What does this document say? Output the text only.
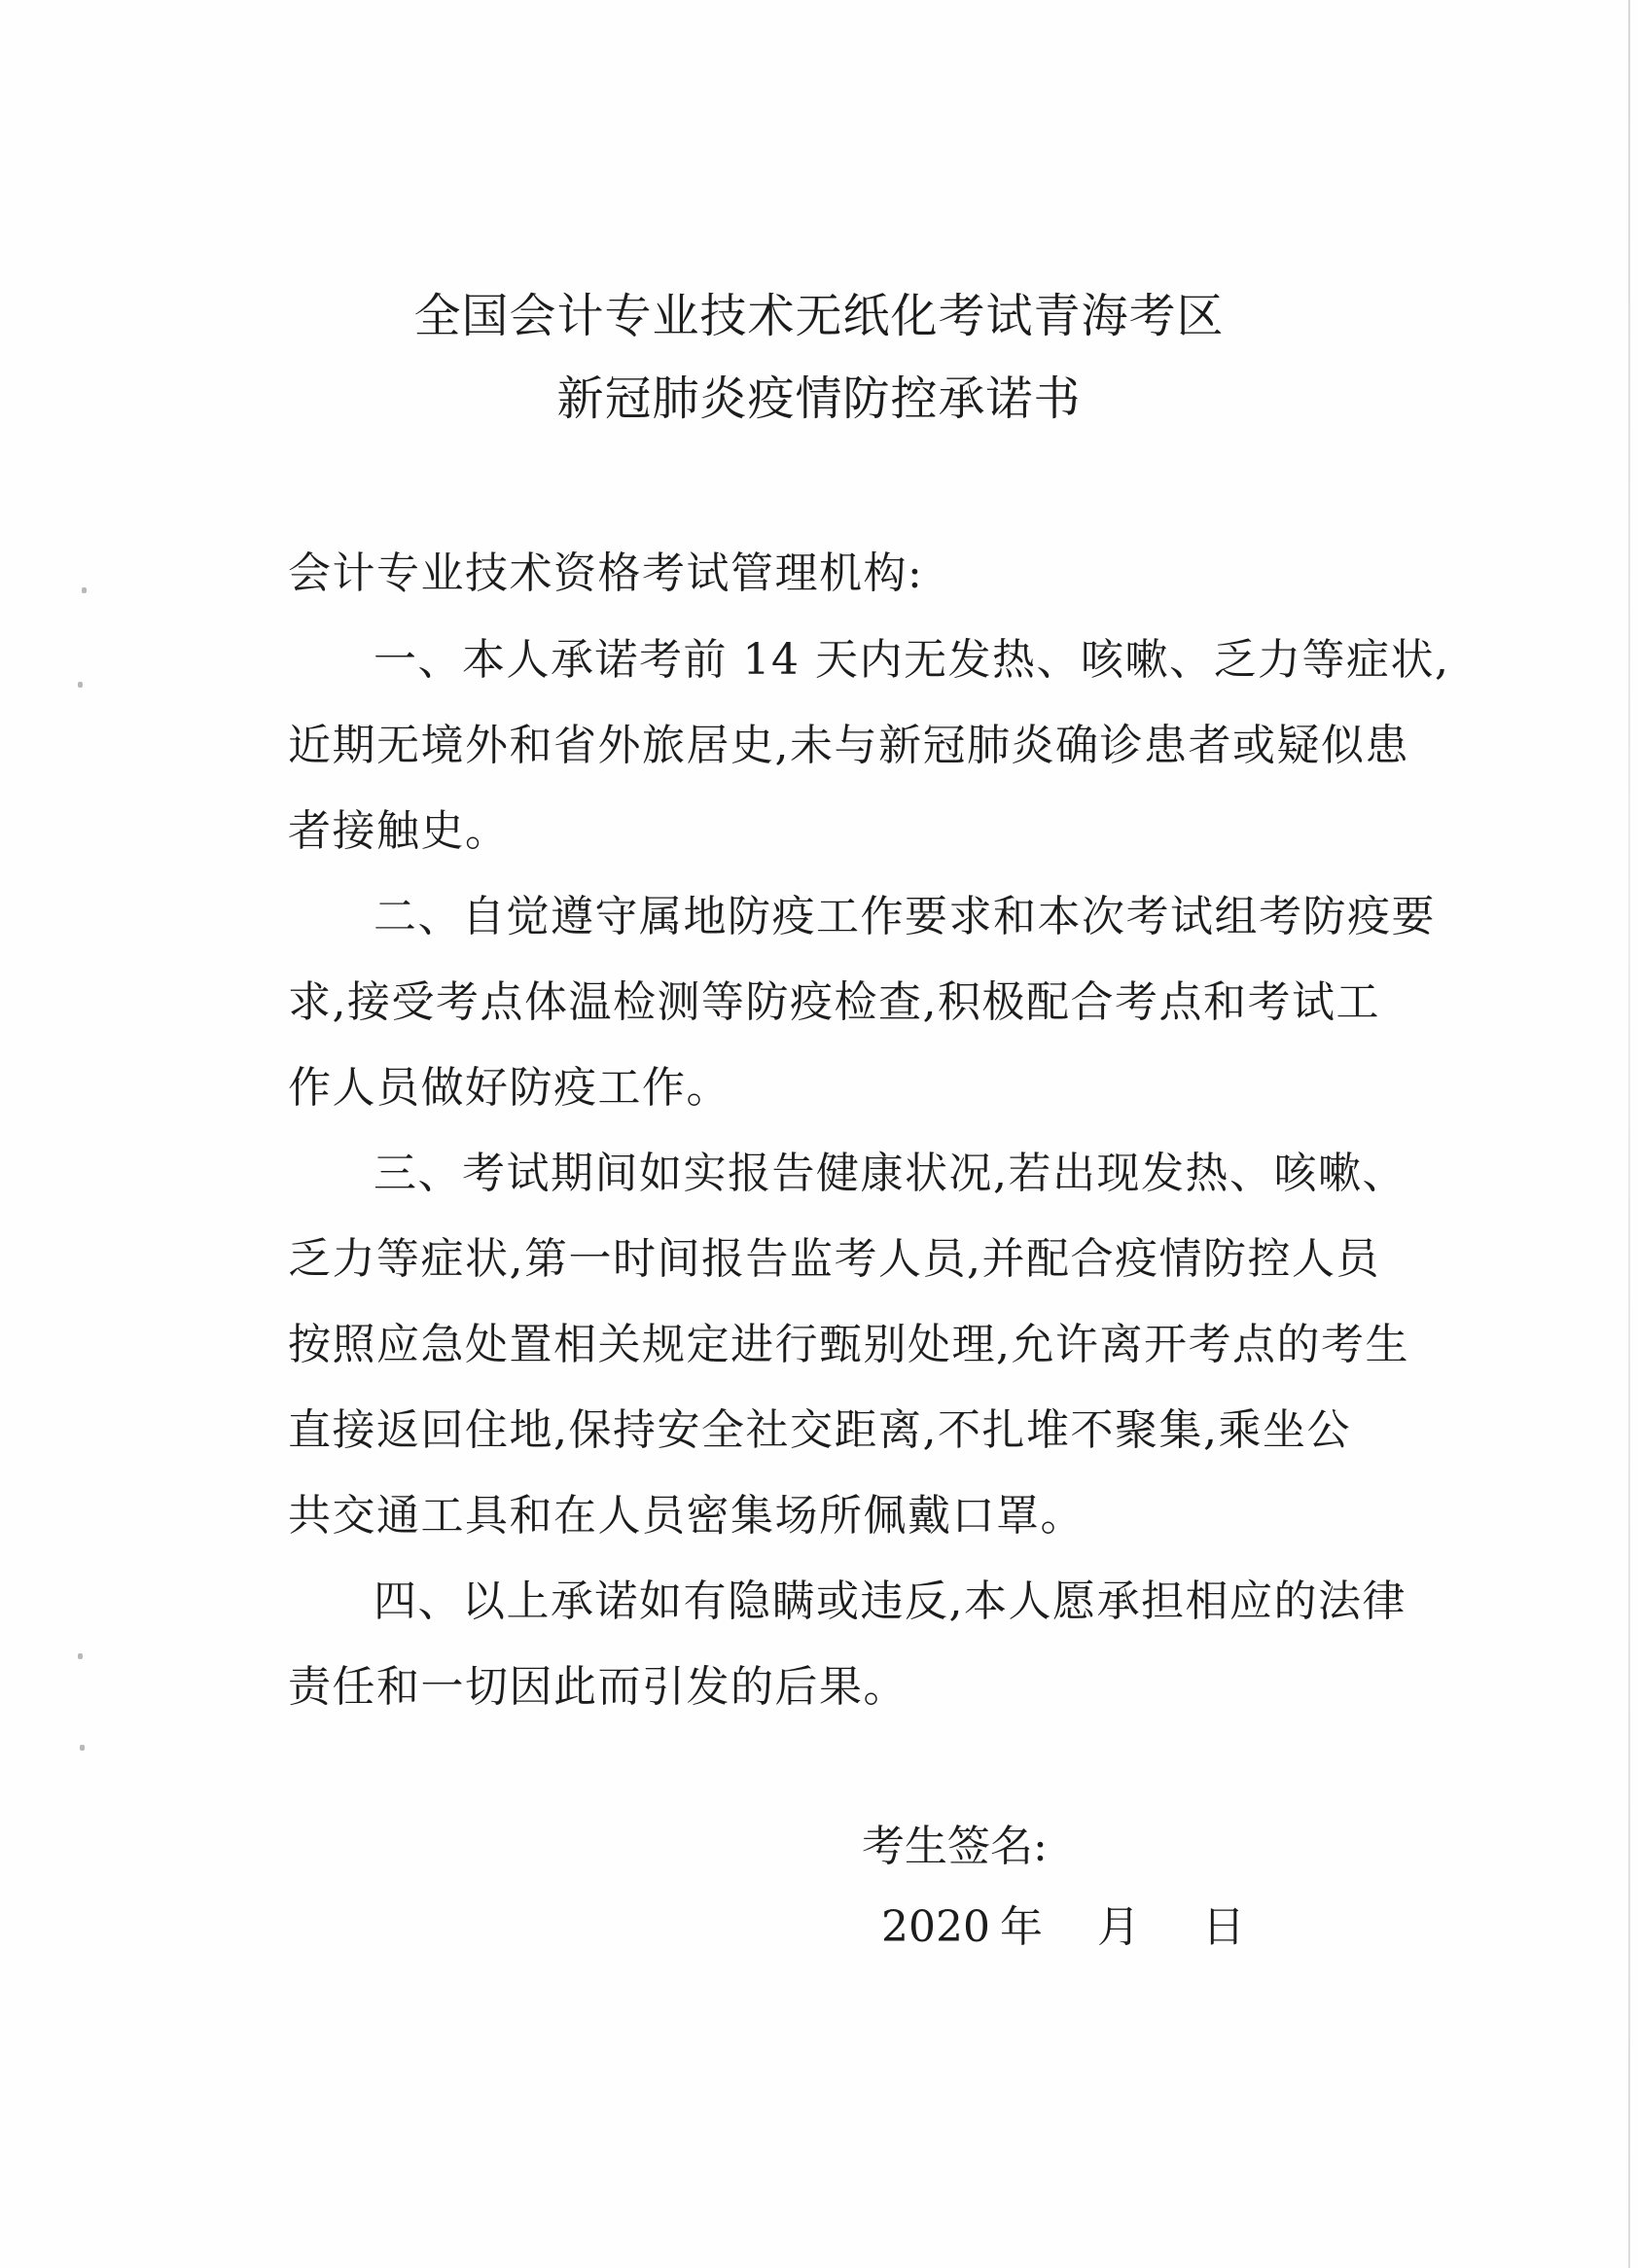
全国会计专业技术无纸化考试青海考区
新冠肺炎疫情防控承诺书
会计专业技术资格考试管理机构:
一、本人承诺考前 14 天内无发热、咳嗽、乏力等症状,
近期无境外和省外旅居史,未与新冠肺炎确诊患者或疑似患
者接触史。
二、自觉遵守属地防疫工作要求和本次考试组考防疫要
求,接受考点体温检测等防疫检查,积极配合考点和考试工
作人员做好防疫工作。
三、考试期间如实报告健康状况,若出现发热、咳嗽、
乏力等症状,第一时间报告监考人员,并配合疫情防控人员
按照应急处置相关规定进行甄别处理,允许离开考点的考生
直接返回住地,保持安全社交距离,不扎堆不聚集,乘坐公
共交通工具和在人员密集场所佩戴口罩。
四、以上承诺如有隐瞒或违反,本人愿承担相应的法律
责任和一切因此而引发的后果。
考生签名:
2020 年 月 日
